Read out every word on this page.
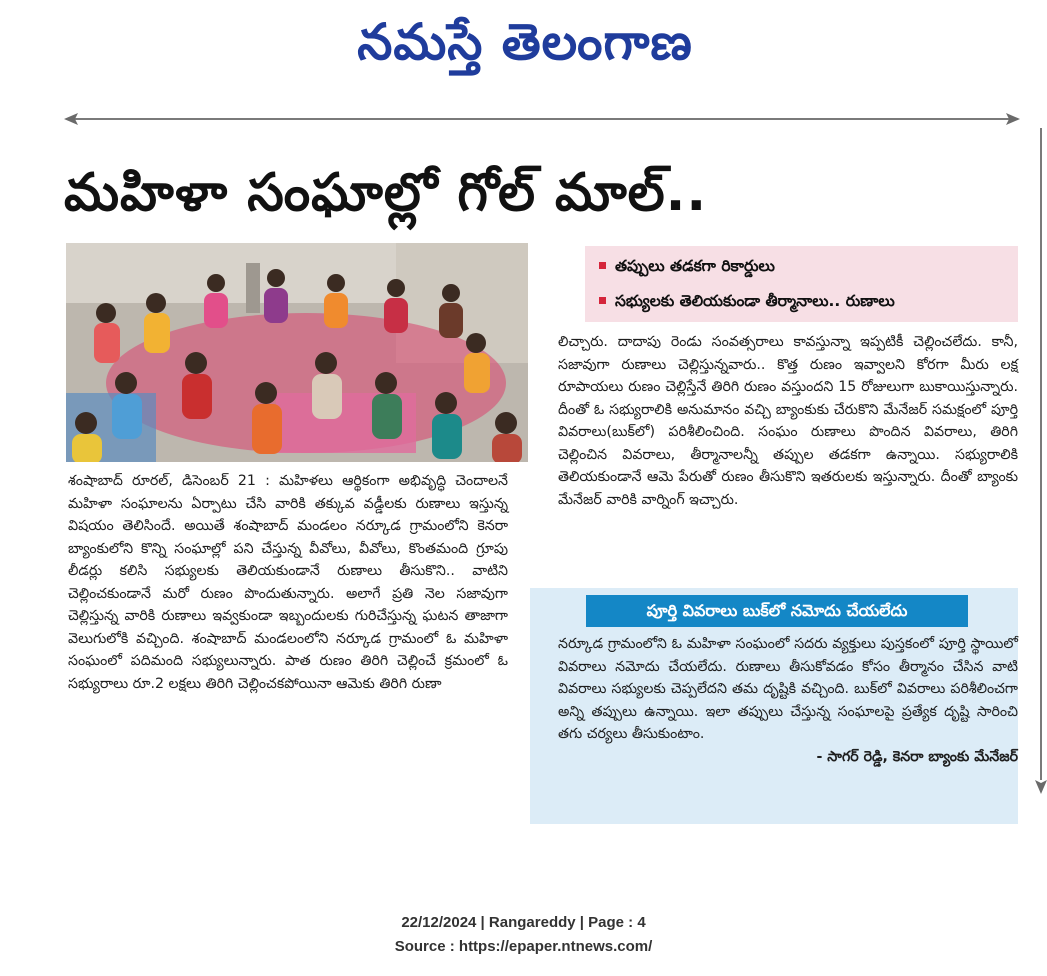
నమస్తే తెలంగాణ
మహిళా సంఘాల్లో గోల్ మాల్..
తప్పులు తడకగా రికార్డులు
సభ్యులకు తెలియకుండా తీర్మానాలు.. రుణాలు

శంషాబాద్ రూరల్, డిసెంబర్ 21 : మహిళలు ఆర్థికంగా అభివృద్ధి చెందాలనే మహిళా సంఘాలను ఏర్పాటు చేసి వారికి తక్కువ వడ్డీలకు రుణాలు ఇస్తున్న విషయం తెలిసిందే. అయితే శంషాబాద్ మండలం నర్కూడ గ్రామంలోని కెనరా బ్యాంకులోని కొన్ని సంఘాల్లో పని చేస్తున్న వీవోలు, వీవోలు, కొంతమంది గ్రూపు లీడర్లు కలిసి సభ్యులకు తెలియకుండానే రుణాలు తీసుకొని.. వాటిని చెల్లించకుండానే మరో రుణం పొందుతున్నారు. అలాగే ప్రతి నెల సజావుగా చెల్లిస్తున్న వారికి రుణాలు ఇవ్వకుండా ఇబ్బందులకు గురిచేస్తున్న ఘటన తాజాగా వెలుగులోకి వచ్చింది. శంషాబాద్ మండలంలోని నర్కూడ గ్రామంలో ఓ మహిళా సంఘంలో పదిమంది సభ్యులున్నారు. పాత రుణం తిరిగి చెల్లించే క్రమంలో ఓ సభ్యురాలు రూ.2 లక్షలు తిరిగి చెల్లించకపోయినా ఆమెకు తిరిగి రుణా

లిచ్చారు. దాదాపు రెండు సంవత్సరాలు కావస్తున్నా ఇప్పటికీ చెల్లించలేదు. కానీ, సజావుగా రుణాలు చెల్లిస్తున్నవారు.. కొత్త రుణం ఇవ్వాలని కోరగా మీరు లక్ష రూపాయలు రుణం చెల్లిస్తేనే తిరిగి రుణం వస్తుందని 15 రోజులుగా బుకాయిస్తున్నారు. దీంతో ఓ సభ్యురాలికి అనుమానం వచ్చి బ్యాంకుకు చేరుకొని మేనేజర్ సమక్షంలో పూర్తి వివరాలు(బుక్‌లో) పరిశీలించింది. సంఘం రుణాలు పొందిన వివరాలు, తిరిగి చెల్లించిన వివరాలు, తీర్మానాలన్నీ తప్పుల తడకగా ఉన్నాయి. సభ్యురాలికి తెలియకుండానే ఆమె పేరుతో రుణం తీసుకొని ఇతరులకు ఇస్తున్నారు. దీంతో బ్యాంకు మేనేజర్ వారికి వార్నింగ్ ఇచ్చారు.

పూర్తి వివరాలు బుక్‌లో నమోదు చేయలేదు

నర్కూడ గ్రామంలోని ఓ మహిళా సంఘంలో సదరు వ్యక్తులు పుస్తకంలో పూర్తి స్థాయిలో వివరాలు నమోదు చేయలేదు. రుణాలు తీసుకోవడం కోసం తీర్మానం చేసిన వాటి వివరాలు సభ్యులకు చెప్పలేదని తమ దృష్టికి వచ్చింది. బుక్‌లో వివరాలు పరిశీలించగా అన్ని తప్పులు ఉన్నాయి. ఇలా తప్పులు చేస్తున్న సంఘాలపై ప్రత్యేక దృష్టి సారించి తగు చర్యలు తీసుకుంటాం.

- సాగర్ రెడ్డి, కెనరా బ్యాంకు మేనేజర్

22/12/2024 | Rangareddy | Page : 4
Source : https://epaper.ntnews.com/
